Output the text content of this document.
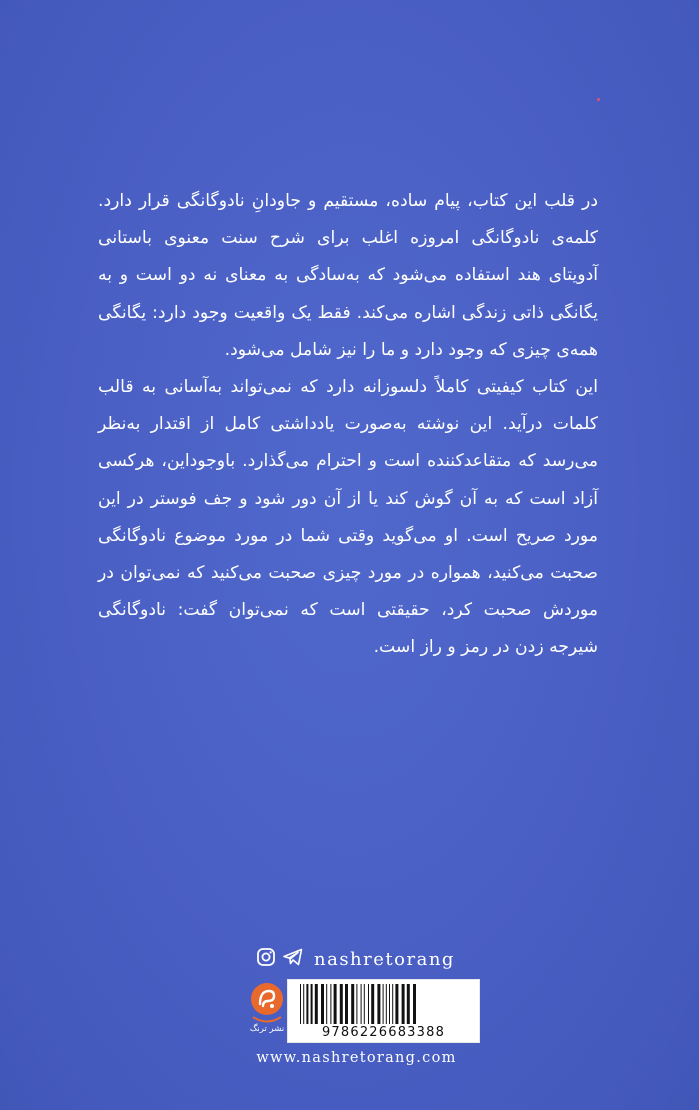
در قلب این کتاب، پیام ساده، مستقیم و جاودانِ نادوگانگی قرار دارد. کلمه‌ی نادوگانگی امروزه اغلب برای شرح سنت معنوی باستانی آدویتای هند استفاده می‌شود که به‌سادگی به معنای نه دو است و به یگانگی ذاتی زندگی اشاره می‌کند. فقط یک واقعیت وجود دارد: یگانگی همه‌ی چیزی که وجود دارد و ما را نیز شامل می‌شود.

این کتاب کیفیتی کاملاً دلسوزانه دارد که نمی‌تواند به‌آسانی به قالب کلمات درآید. این نوشته به‌صورت یادداشتی کامل از اقتدار به‌نظر می‌رسد که متقاعدکننده است و احترام می‌گذارد. باوجوداین، هرکسی آزاد است که به آن گوش کند یا از آن دور شود و جف فوستر در این مورد صریح است. او می‌گوید وقتی شما در مورد موضوع نادوگانگی صحبت می‌کنید، همواره در مورد چیزی صحبت می‌کنید که نمی‌توان در موردش صحبت کرد، حقیقتی است که نمی‌توان گفت: نادوگانگی شیرجه زدن در رمز و راز است.

nashretorang
نشر ترنگ	9786226683388
www.nashretorang.com
